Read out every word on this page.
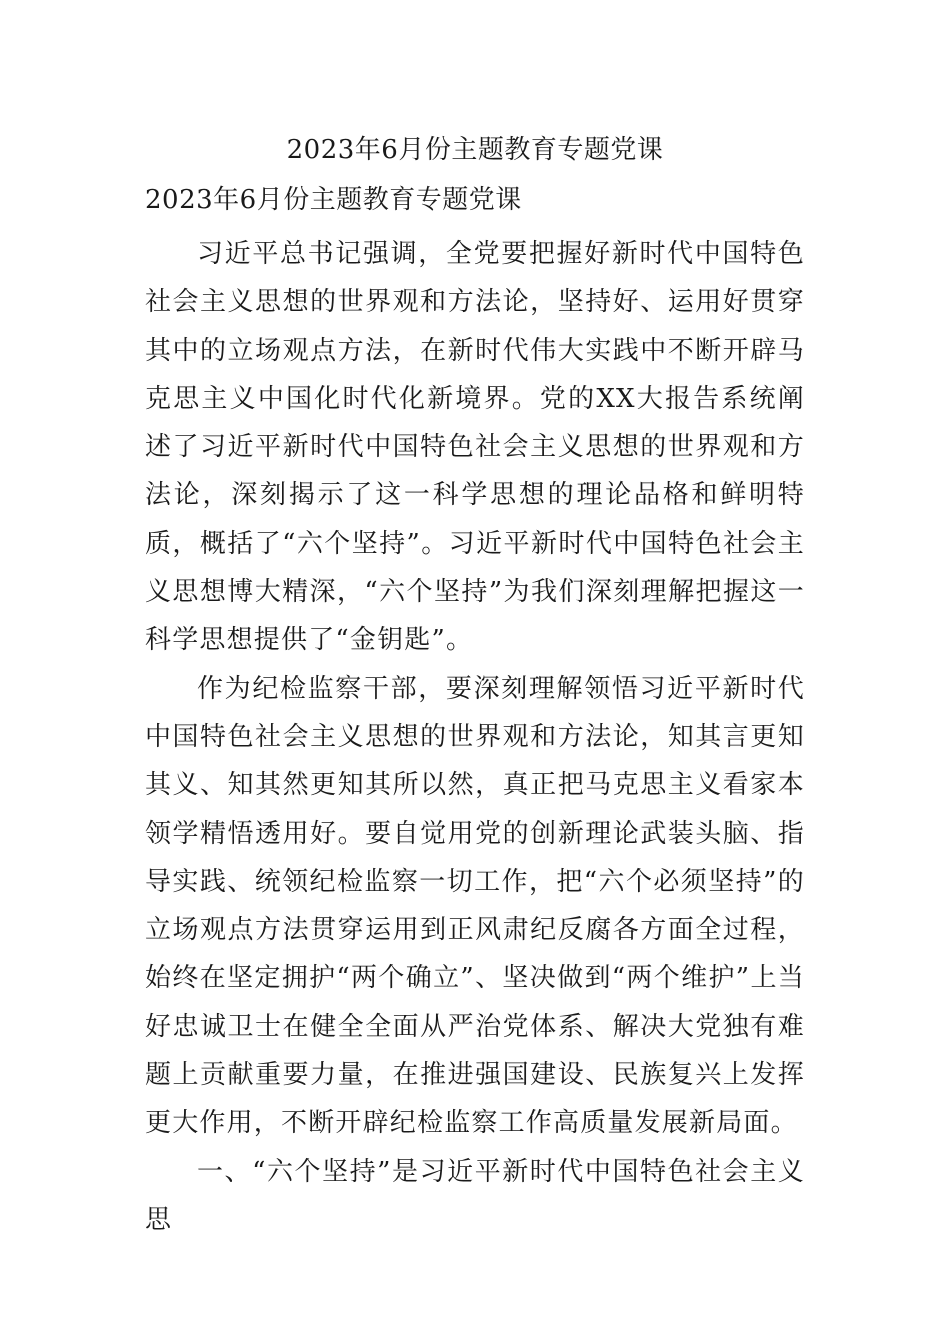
2023年6月份主题教育专题党课
2023年6月份主题教育专题党课

习近平总书记强调，全党要把握好新时代中国特色社会主义思想的世界观和方法论，坚持好、运用好贯穿其中的立场观点方法，在新时代伟大实践中不断开辟马克思主义中国化时代化新境界。党的XX大报告系统阐述了习近平新时代中国特色社会主义思想的世界观和方法论，深刻揭示了这一科学思想的理论品格和鲜明特质，概括了“六个坚持”。习近平新时代中国特色社会主义思想博大精深，“六个坚持”为我们深刻理解把握这一科学思想提供了“金钥匙”。

作为纪检监察干部，要深刻理解领悟习近平新时代中国特色社会主义思想的世界观和方法论，知其言更知其义、知其然更知其所以然，真正把马克思主义看家本领学精悟透用好。要自觉用党的创新理论武装头脑、指导实践、统领纪检监察一切工作，把“六个必须坚持”的立场观点方法贯穿运用到正风肃纪反腐各方面全过程，始终在坚定拥护“两个确立”、坚决做到“两个维护”上当好忠诚卫士在健全全面从严治党体系、解决大党独有难题上贡献重要力量，在推进强国建设、民族复兴上发挥更大作用，不断开辟纪检监察工作高质量发展新局面。

一、“六个坚持”是习近平新时代中国特色社会主义思
